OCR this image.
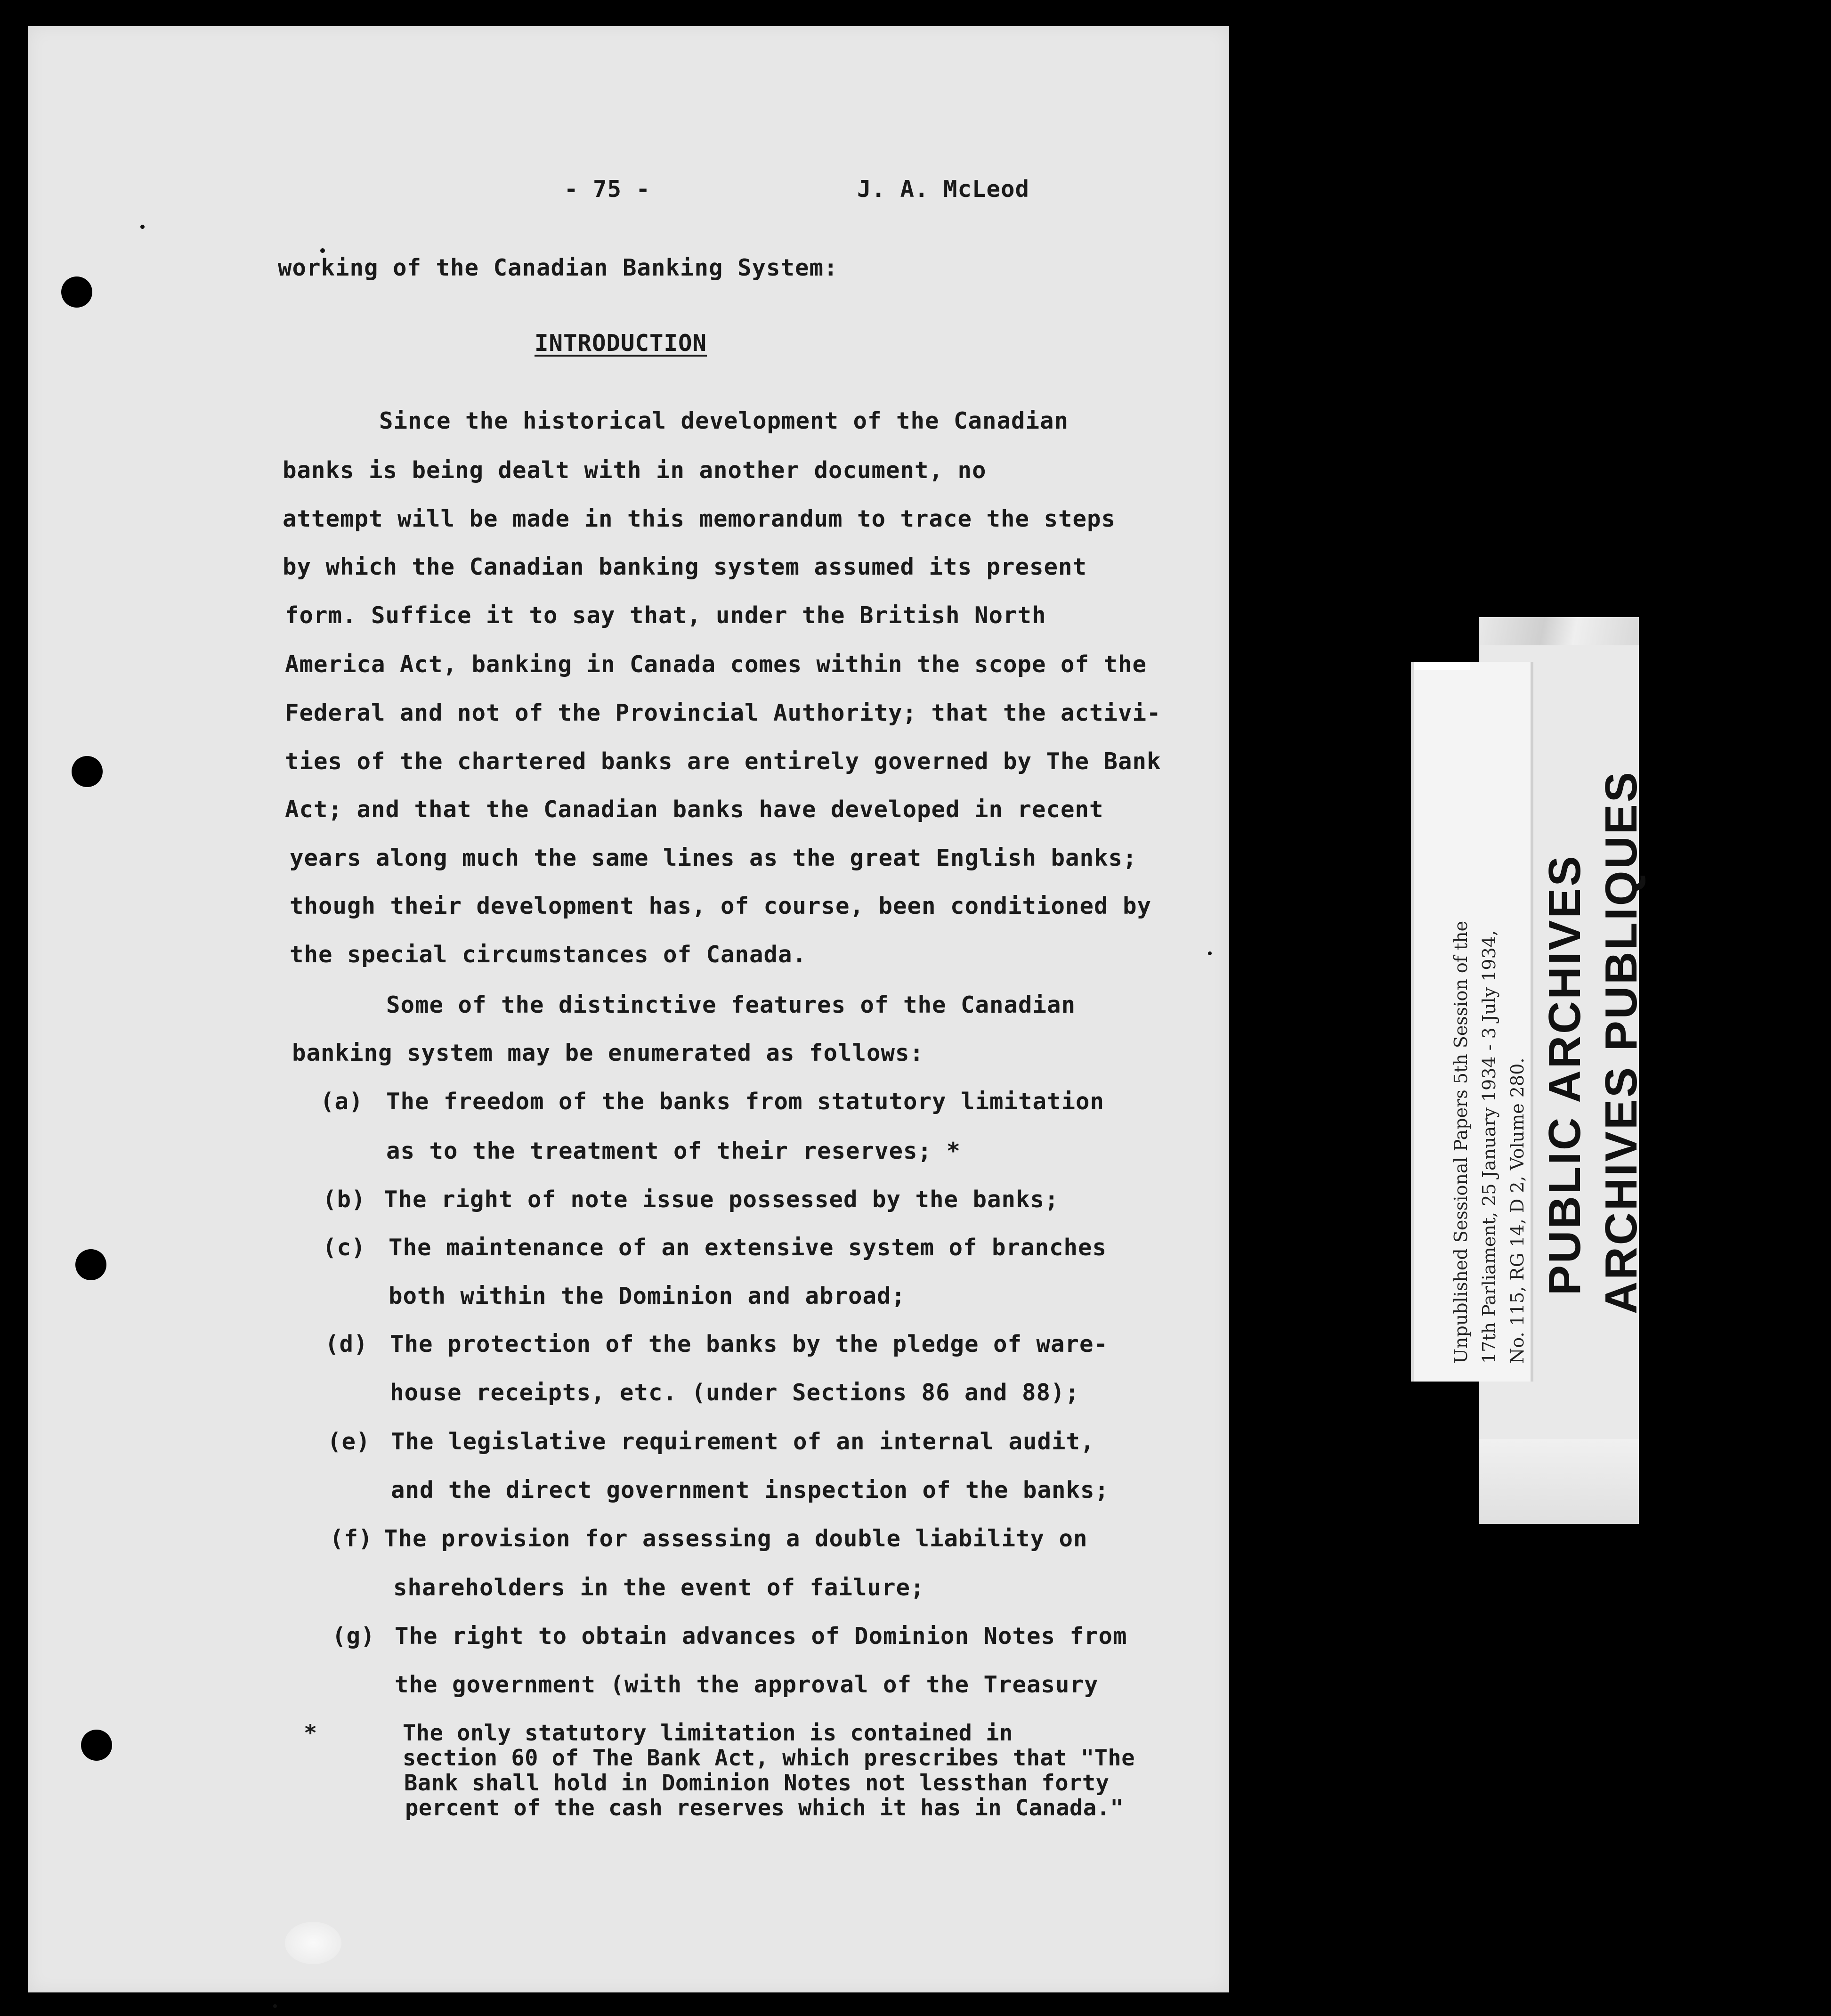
- 75 -	J. A. McLeod
working of the Canadian Banking System:
INTRODUCTION
Since the historical development of the Canadian
banks is being dealt with in another document, no
attempt will be made in this memorandum to trace the steps
by which the Canadian banking system assumed its present
form. Suffice it to say that, under the British North
America Act, banking in Canada comes within the scope of the
Federal and not of the Provincial Authority; that the activi-
ties of the chartered banks are entirely governed by The Bank
Act; and that the Canadian banks have developed in recent
years along much the same lines as the great English banks;
though their development has, of course, been conditioned by
the special circumstances of Canada.
Some of the distinctive features of the Canadian
banking system may be enumerated as follows:
(a) The freedom of the banks from statutory limitation
as to the treatment of their reserves; *
(b) The right of note issue possessed by the banks;
(c) The maintenance of an extensive system of branches
both within the Dominion and abroad;
(d) The protection of the banks by the pledge of ware-
house receipts, etc. (under Sections 86 and 88);
(e) The legislative requirement of an internal audit,
and the direct government inspection of the banks;
(f) The provision for assessing a double liability on
shareholders in the event of failure;
(g) The right to obtain advances of Dominion Notes from
the government (with the approval of the Treasury
*	The only statutory limitation is contained in
section 60 of The Bank Act, which prescribes that "The
Bank shall hold in Dominion Notes not lessthan forty
percent of the cash reserves which it has in Canada."
PUBLIC ARCHIVES ARCHIVES PUBLIQUES
Unpublished Sessional Papers 5th Session of the 17th Parliament, 25 January 1934 - 3 July 1934, No. 115, RG 14, D 2, Volume 280.
